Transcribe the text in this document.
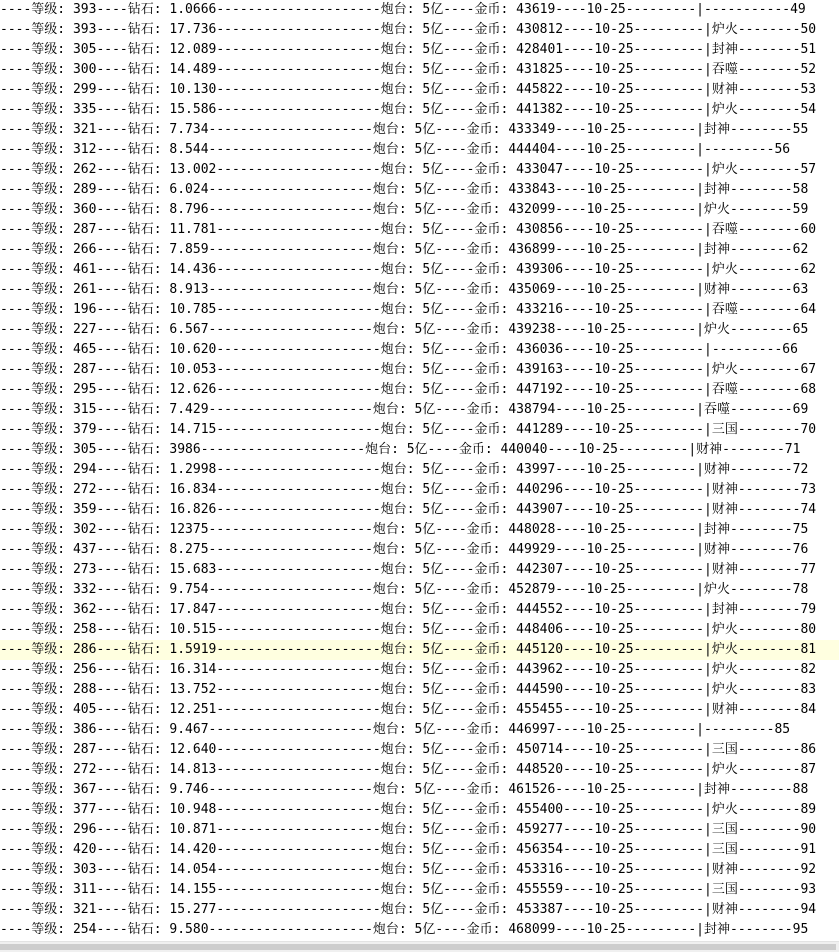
----等级: 393----钻石: 1.0666---------------------炮台: 5亿----金币: 43619----10-25---------|-----------49
----等级: 393----钻石: 17.736---------------------炮台: 5亿----金币: 430812----10-25---------|炉火--------50
----等级: 305----钻石: 12.089---------------------炮台: 5亿----金币: 428401----10-25---------|封神--------51
----等级: 300----钻石: 14.489---------------------炮台: 5亿----金币: 431825----10-25---------|吞噬--------52
----等级: 299----钻石: 10.130---------------------炮台: 5亿----金币: 445822----10-25---------|财神--------53
----等级: 335----钻石: 15.586---------------------炮台: 5亿----金币: 441382----10-25---------|炉火--------54
----等级: 321----钻石: 7.734---------------------炮台: 5亿----金币: 433349----10-25---------|封神--------55
----等级: 312----钻石: 8.544---------------------炮台: 5亿----金币: 444404----10-25---------|---------56
----等级: 262----钻石: 13.002---------------------炮台: 5亿----金币: 433047----10-25---------|炉火--------57
----等级: 289----钻石: 6.024---------------------炮台: 5亿----金币: 433843----10-25---------|封神--------58
----等级: 360----钻石: 8.796---------------------炮台: 5亿----金币: 432099----10-25---------|炉火--------59
----等级: 287----钻石: 11.781---------------------炮台: 5亿----金币: 430856----10-25---------|吞噬--------60
----等级: 266----钻石: 7.859---------------------炮台: 5亿----金币: 436899----10-25---------|封神--------62
----等级: 461----钻石: 14.436---------------------炮台: 5亿----金币: 439306----10-25---------|炉火--------62
----等级: 261----钻石: 8.913---------------------炮台: 5亿----金币: 435069----10-25---------|财神--------63
----等级: 196----钻石: 10.785---------------------炮台: 5亿----金币: 433216----10-25---------|吞噬--------64
----等级: 227----钻石: 6.567---------------------炮台: 5亿----金币: 439238----10-25---------|炉火--------65
----等级: 465----钻石: 10.620---------------------炮台: 5亿----金币: 436036----10-25---------|---------66
----等级: 287----钻石: 10.053---------------------炮台: 5亿----金币: 439163----10-25---------|炉火--------67
----等级: 295----钻石: 12.626---------------------炮台: 5亿----金币: 447192----10-25---------|吞噬--------68
----等级: 315----钻石: 7.429---------------------炮台: 5亿----金币: 438794----10-25---------|吞噬--------69
----等级: 379----钻石: 14.715---------------------炮台: 5亿----金币: 441289----10-25---------|三国--------70
----等级: 305----钻石: 3986---------------------炮台: 5亿----金币: 440040----10-25---------|财神--------71
----等级: 294----钻石: 1.2998---------------------炮台: 5亿----金币: 43997----10-25---------|财神--------72
----等级: 272----钻石: 16.834---------------------炮台: 5亿----金币: 440296----10-25---------|财神--------73
----等级: 359----钻石: 16.826---------------------炮台: 5亿----金币: 443907----10-25---------|财神--------74
----等级: 302----钻石: 12375---------------------炮台: 5亿----金币: 448028----10-25---------|封神--------75
----等级: 437----钻石: 8.275---------------------炮台: 5亿----金币: 449929----10-25---------|财神--------76
----等级: 273----钻石: 15.683---------------------炮台: 5亿----金币: 442307----10-25---------|财神--------77
----等级: 332----钻石: 9.754---------------------炮台: 5亿----金币: 452879----10-25---------|炉火--------78
----等级: 362----钻石: 17.847---------------------炮台: 5亿----金币: 444552----10-25---------|封神--------79
----等级: 258----钻石: 10.515---------------------炮台: 5亿----金币: 448406----10-25---------|炉火--------80
----等级: 286----钻石: 1.5919---------------------炮台: 5亿----金币: 445120----10-25---------|炉火--------81
----等级: 256----钻石: 16.314---------------------炮台: 5亿----金币: 443962----10-25---------|炉火--------82
----等级: 288----钻石: 13.752---------------------炮台: 5亿----金币: 444590----10-25---------|炉火--------83
----等级: 405----钻石: 12.251---------------------炮台: 5亿----金币: 455455----10-25---------|财神--------84
----等级: 386----钻石: 9.467---------------------炮台: 5亿----金币: 446997----10-25---------|---------85
----等级: 287----钻石: 12.640---------------------炮台: 5亿----金币: 450714----10-25---------|三国--------86
----等级: 272----钻石: 14.813---------------------炮台: 5亿----金币: 448520----10-25---------|炉火--------87
----等级: 367----钻石: 9.746---------------------炮台: 5亿----金币: 461526----10-25---------|封神--------88
----等级: 377----钻石: 10.948---------------------炮台: 5亿----金币: 455400----10-25---------|炉火--------89
----等级: 296----钻石: 10.871---------------------炮台: 5亿----金币: 459277----10-25---------|三国--------90
----等级: 420----钻石: 14.420---------------------炮台: 5亿----金币: 456354----10-25---------|三国--------91
----等级: 303----钻石: 14.054---------------------炮台: 5亿----金币: 453316----10-25---------|财神--------92
----等级: 311----钻石: 14.155---------------------炮台: 5亿----金币: 455559----10-25---------|三国--------93
----等级: 321----钻石: 15.277---------------------炮台: 5亿----金币: 453387----10-25---------|财神--------94
----等级: 254----钻石: 9.580---------------------炮台: 5亿----金币: 468099----10-25---------|封神--------95
